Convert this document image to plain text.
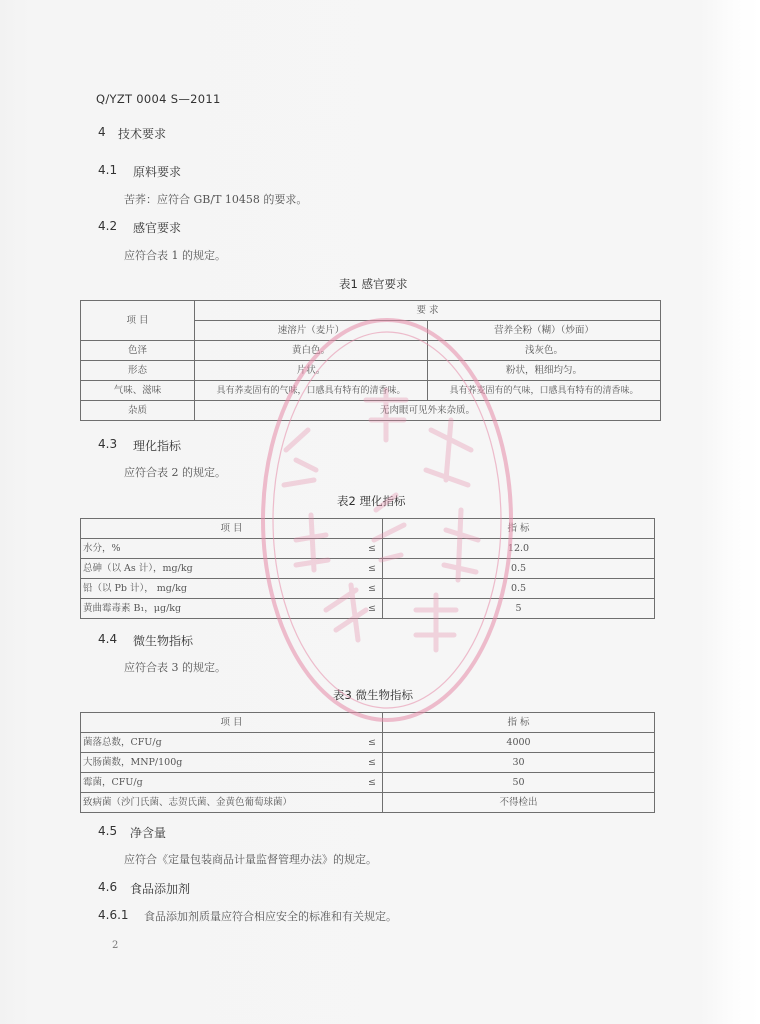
Q/YZT 0004 S—2011
4 技术要求
4.1 原料要求
苦荞：应符合 GB/T 10458 的要求。
4.2 感官要求
应符合表 1 的规定。
表1 感官要求
项 目	要 求	
	速溶片（麦片）	营养全粉（糊）（炒面）
色泽	黄白色。	浅灰色。
形态	片状。	粉状，粗细均匀。
气味、滋味	具有荞麦固有的气味，口感具有特有的清香味。	具有荞麦固有的气味，口感具有特有的清香味。
杂质	无肉眼可见外来杂质。	
4.3 理化指标
应符合表 2 的规定。
表2 理化指标
项 目		指 标
水分，%	≤	12.0
总砷（以 As 计），mg/kg	≤	0.5
铅（以 Pb 计）， mg/kg	≤	0.5
黄曲霉毒素 B₁，μg/kg	≤	5
4.4 微生物指标
应符合表 3 的规定。
表3 微生物指标
项 目		指 标
菌落总数，CFU/g	≤	4000
大肠菌数，MNP/100g	≤	30
霉菌，CFU/g	≤	50
致病菌（沙门氏菌、志贺氏菌、金黄色葡萄球菌）		不得检出
4.5 净含量
应符合《定量包装商品计量监督管理办法》的规定。
4.6 食品添加剂
4.6.1 食品添加剂质量应符合相应安全的标准和有关规定。
2
